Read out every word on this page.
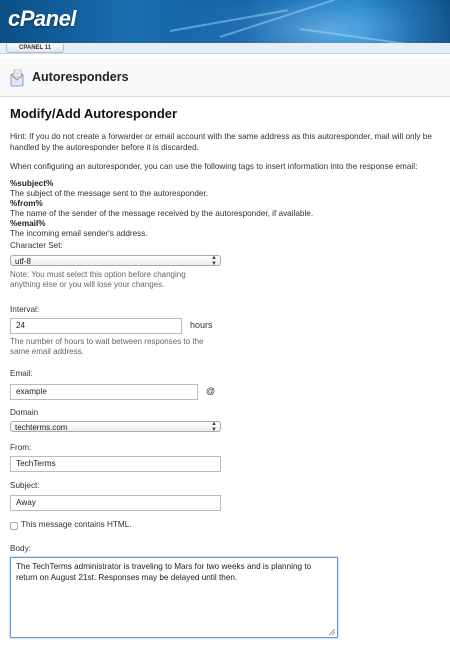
cPanel
CPANEL 11
Autoresponders
Modify/Add Autoresponder

Hint: If you do not create a forwarder or email account with the same address as this autoresponder, mail will only be handled by the autoresponder before it is discarded.

When configuring an autoresponder, you can use the following tags to insert information into the response email:

%subject%
The subject of the message sent to the autoresponder.
%from%
The name of the sender of the message received by the autoresponder, if available.
%email%
The incoming email sender's address.
Character Set:
utf-8	▲
▼
Note: You must select this option before changing anything else or you will lose your changes.
Interval:
24	hours
The number of hours to wait between responses to the same email address.
Email:
example	@
Domain
techterms.com	▲
▼
From:
TechTerms
Subject:
Away
This message contains HTML.
Body:
The TechTerms administrator is traveling to Mars for two weeks and is planning to return on August 21st. Responses may be delayed until then.
